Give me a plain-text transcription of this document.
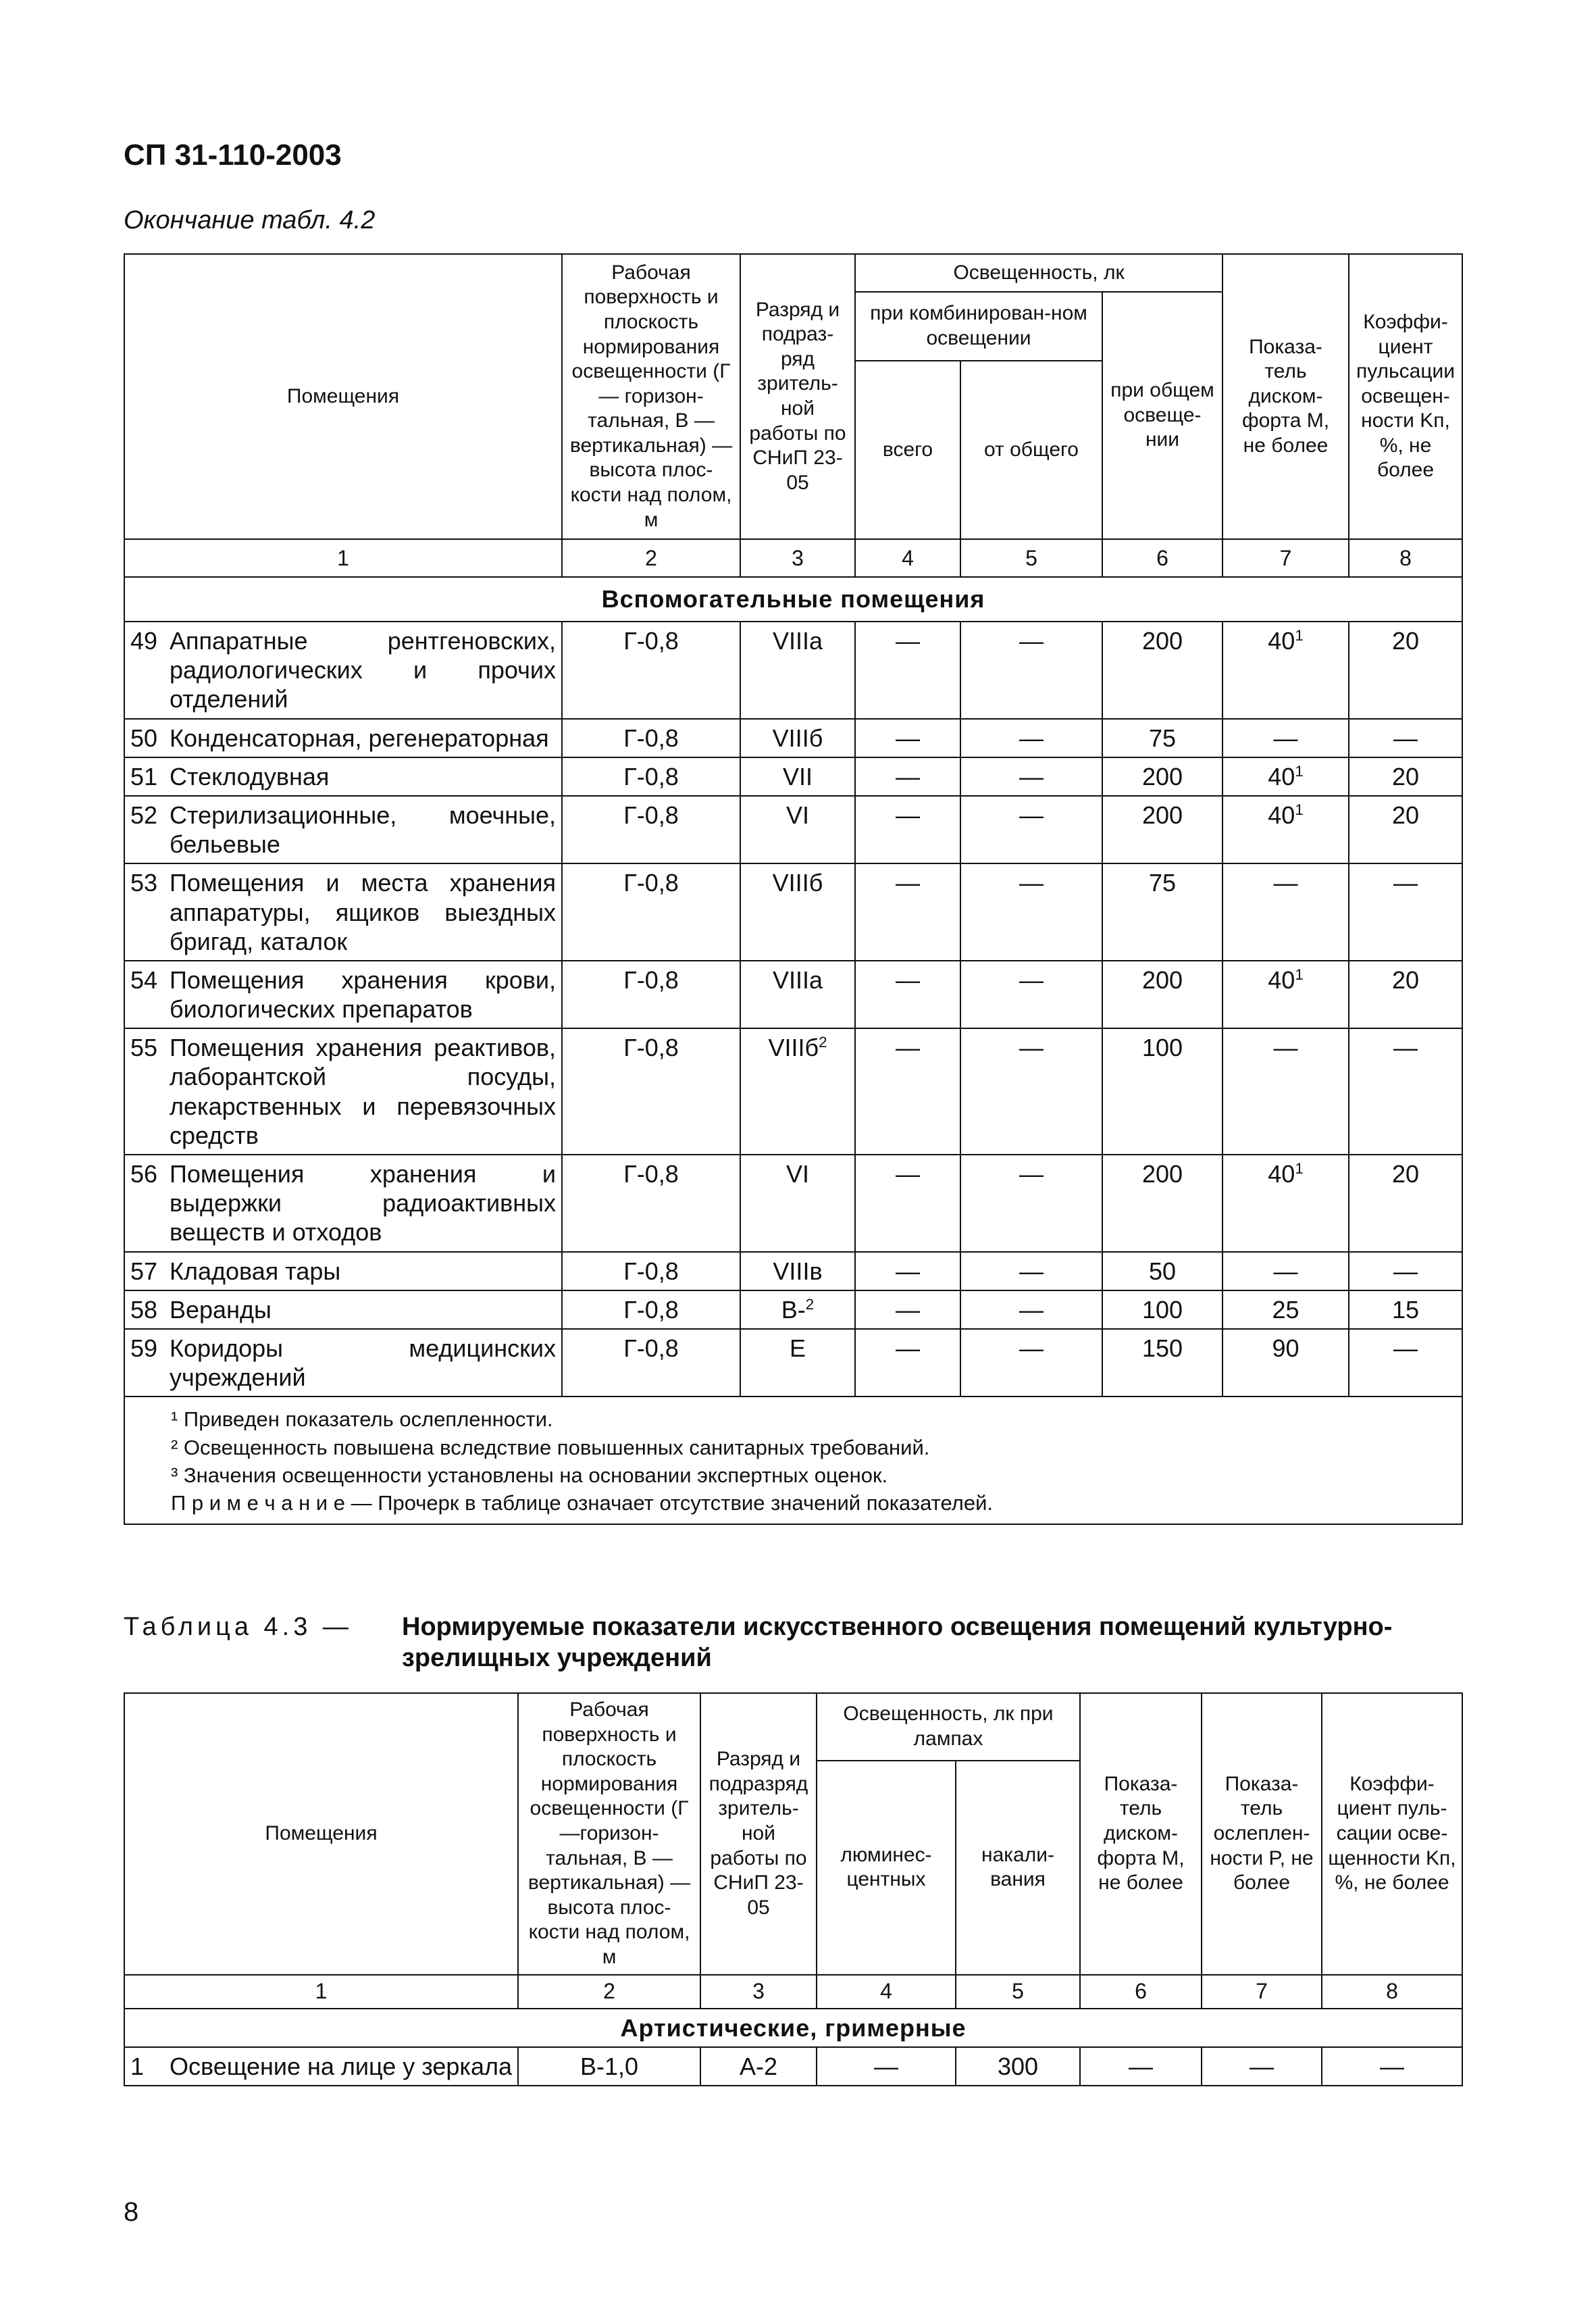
СП 31-110-2003
Окончание табл. 4.2
Помещения	Рабочая поверхность и плоскость нормирования освещенности (Г — горизон-тальная, В — вертикальная) — высота плос-кости над полом, м	Разряд и подраз-ряд зритель-ной работы по СНиП 23-05	Освещенность, лк			Показа-тель диском-форта M, не более	Коэффи-циент пульсации освещен-ности Kп, %, не более
			при комбинирован-ном освещении		при общем освеще-нии		
			всего	от общего			
1	2	3	4	5	6	7	8
Вспомогательные помещения							

49 Аппаратные рентгеновских, радиологических и прочих отделений	Г-0,8	VIIIa	—	—	200	$40^1$	20

50 Конденсаторная, регенераторная	Г-0,8	VIIIб	—	—	75	—	—

51 Стеклодувная	Г-0,8	VII	—	—	200	$40^1$	20

52 Стерилизационные, моечные, бельевые	Г-0,8	VI	—	—	200	$40^1$	20

53 Помещения и места хранения аппаратуры, ящиков выездных бригад, каталок	Г-0,8	VIIIб	—	—	75	—	—

54 Помещения хранения крови, биологических препаратов	Г-0,8	VIIIa	—	—	200	$40^1$	20

55 Помещения хранения реактивов, лаборантской посуды, лекарственных и перевязочных средств	Г-0,8	VIIIб$^2$	—	—	100	—	—

56 Помещения хранения и выдержки радиоактивных веществ и отходов	Г-0,8	VI	—	—	200	$40^1$	20

57 Кладовая тары	Г-0,8	VIIIв	—	—	50	—	—

58 Веранды	Г-0,8	В-$^2$	—	—	100	25	15

59 Коридоры медицинских учреждений	Г-0,8	Е	—	—	150	90	—

¹ Приведен показатель ослепленности.
² Освещенность повышена вследствие повышенных санитарных требований.
³ Значения освещенности установлены на основании экспертных оценок.
П р и м е ч а н и е — Прочерк в таблице означает отсутствие значений показателей.							
Таблица 4.3 — Нормируемые показатели искусственного освещения помещений культурно-зрелищных учреждений
Помещения	Рабочая поверхность и плоскость нормирования освещенности (Г —горизон-тальная, В — вертикальная) — высота плос-кости над полом, м	Разряд и подразряд зритель-ной работы по СНиП 23-05	Освещенность, лк при лампах		Показа-тель диском-форта M, не более	Показа-тель ослеплен-ности P, не более	Коэффи-циент пуль-сации осве-щенности Kп, %, не более
			люминес-центных	накали-вания			
1	2	3	4	5	6	7	8
Артистические, гримерные							

1 Освещение на лице у зеркала	В-1,0	А-2	—	300	—	—	—
8
